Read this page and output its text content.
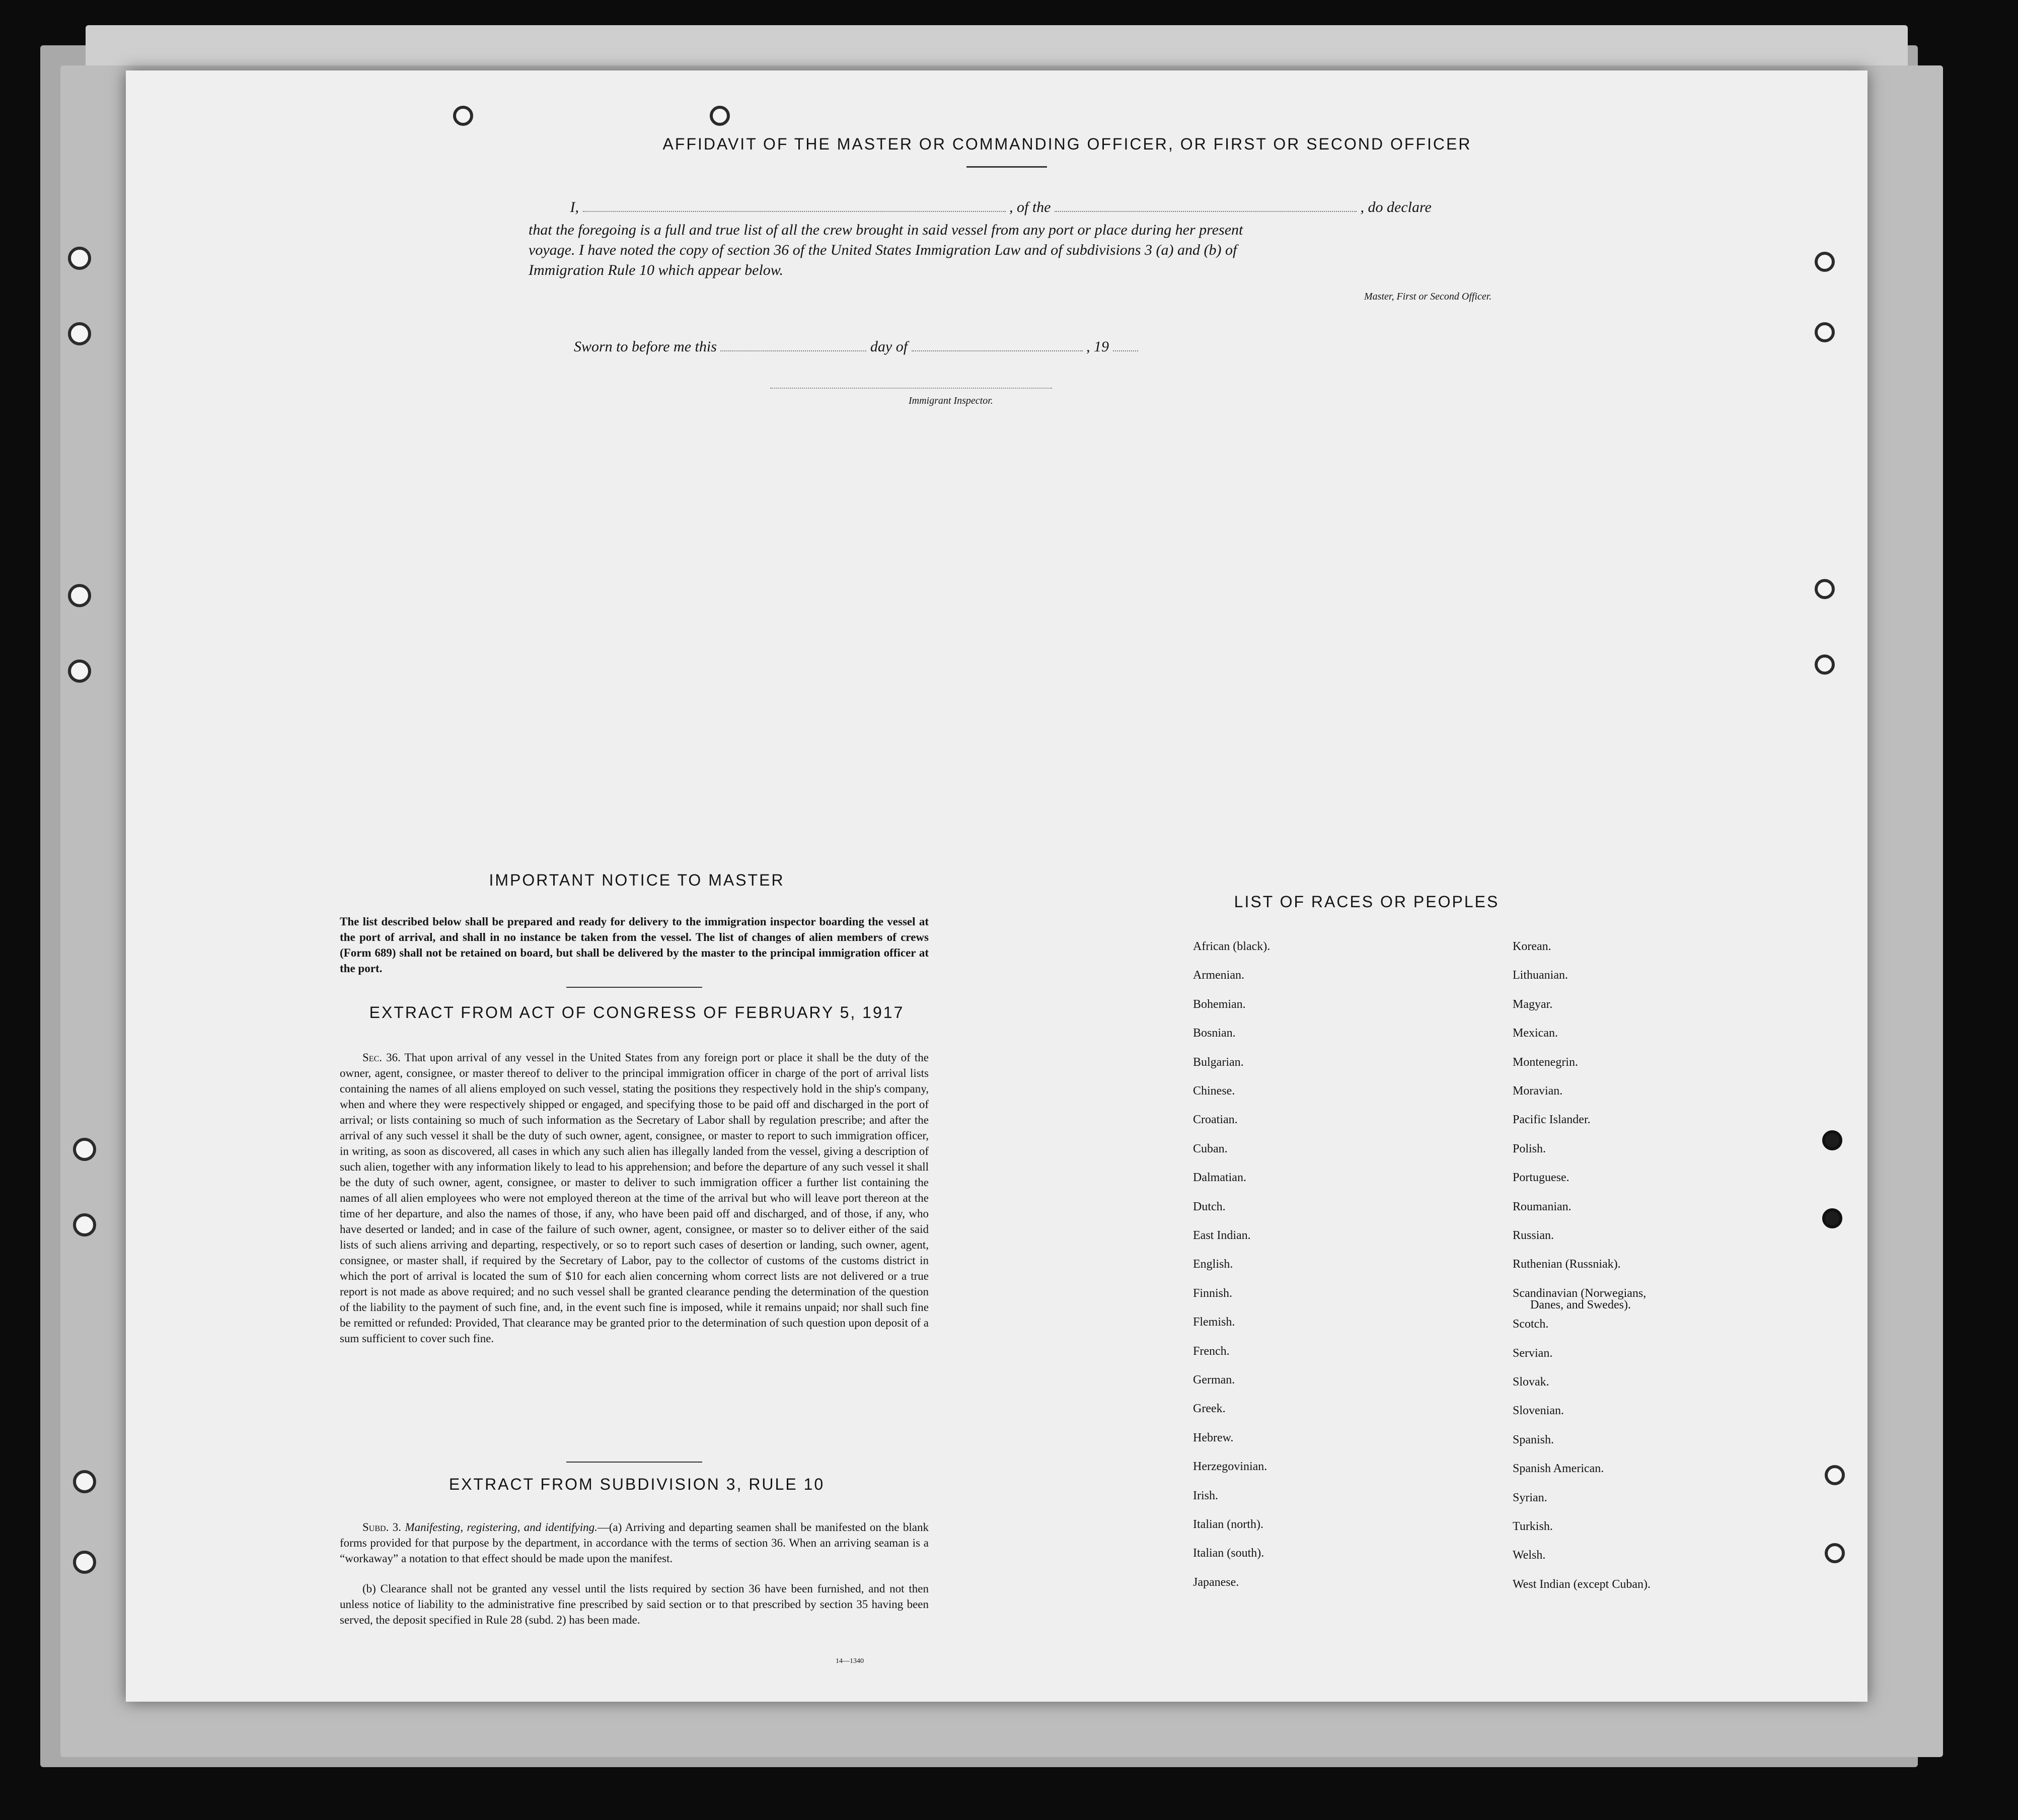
AFFIDAVIT OF THE MASTER OR COMMANDING OFFICER, OR FIRST OR SECOND OFFICER
I,	, of the	, do declare
that the foregoing is a full and true list of all the crew brought in said vessel from any port or place during her present
voyage. I have noted the copy of section 36 of the United States Immigration Law and of subdivisions 3 (a) and (b) of
Immigration Rule 10 which appear below.
Master, First or Second Officer.
Sworn to before me this	day of	, 19
Immigrant Inspector.
IMPORTANT NOTICE TO MASTER
The list described below shall be prepared and ready for delivery to the immigration inspector boarding the vessel at the port of arrival, and shall in no instance be taken from the vessel. The list of changes of alien members of crews (Form 689) shall not be retained on board, but shall be delivered by the master to the principal immigration officer at the port.
EXTRACT FROM ACT OF CONGRESS OF FEBRUARY 5, 1917
Sec. 36. That upon arrival of any vessel in the United States from any foreign port or place it shall be the duty of the owner, agent, consignee, or master thereof to deliver to the principal immigration officer in charge of the port of arrival lists containing the names of all aliens employed on such vessel, stating the positions they respectively hold in the ship's company, when and where they were respectively shipped or engaged, and specifying those to be paid off and discharged in the port of arrival; or lists containing so much of such information as the Secretary of Labor shall by regulation prescribe; and after the arrival of any such vessel it shall be the duty of such owner, agent, consignee, or master to report to such immigration officer, in writing, as soon as discovered, all cases in which any such alien has illegally landed from the vessel, giving a description of such alien, together with any information likely to lead to his apprehension; and before the departure of any such vessel it shall be the duty of such owner, agent, consignee, or master to deliver to such immigration officer a further list containing the names of all alien employees who were not employed thereon at the time of the arrival but who will leave port thereon at the time of her departure, and also the names of those, if any, who have been paid off and discharged, and of those, if any, who have deserted or landed; and in case of the failure of such owner, agent, consignee, or master so to deliver either of the said lists of such aliens arriving and departing, respectively, or so to report such cases of desertion or landing, such owner, agent, consignee, or master shall, if required by the Secretary of Labor, pay to the collector of customs of the customs district in which the port of arrival is located the sum of $10 for each alien concerning whom correct lists are not delivered or a true report is not made as above required; and no such vessel shall be granted clearance pending the determination of the question of the liability to the payment of such fine, and, in the event such fine is imposed, while it remains unpaid; nor shall such fine be remitted or refunded: Provided, That clearance may be granted prior to the determination of such question upon deposit of a sum sufficient to cover such fine.
EXTRACT FROM SUBDIVISION 3, RULE 10
Subd. 3. Manifesting, registering, and identifying.—(a) Arriving and departing seamen shall be manifested on the blank forms provided for that purpose by the department, in accordance with the terms of section 36. When an arriving seaman is a “workaway” a notation to that effect should be made upon the manifest.
(b) Clearance shall not be granted any vessel until the lists required by section 36 have been furnished, and not then unless notice of liability to the administrative fine prescribed by said section or to that prescribed by section 35 having been served, the deposit specified in Rule 28 (subd. 2) has been made.
14—1340
LIST OF RACES OR PEOPLES
African (black).
Armenian.
Bohemian.
Bosnian.
Bulgarian.
Chinese.
Croatian.
Cuban.
Dalmatian.
Dutch.
East Indian.
English.
Finnish.
Flemish.
French.
German.
Greek.
Hebrew.
Herzegovinian.
Irish.
Italian (north).
Italian (south).
Japanese.
Korean.
Lithuanian.
Magyar.
Mexican.
Montenegrin.
Moravian.
Pacific Islander.
Polish.
Portuguese.
Roumanian.
Russian.
Ruthenian (Russniak).
Scandinavian (Norwegians,
Scotch.
Servian.
Slovak.
Slovenian.
Spanish.
Spanish American.
Syrian.
Turkish.
Welsh.
West Indian (except Cuban).
Danes, and Swedes).
